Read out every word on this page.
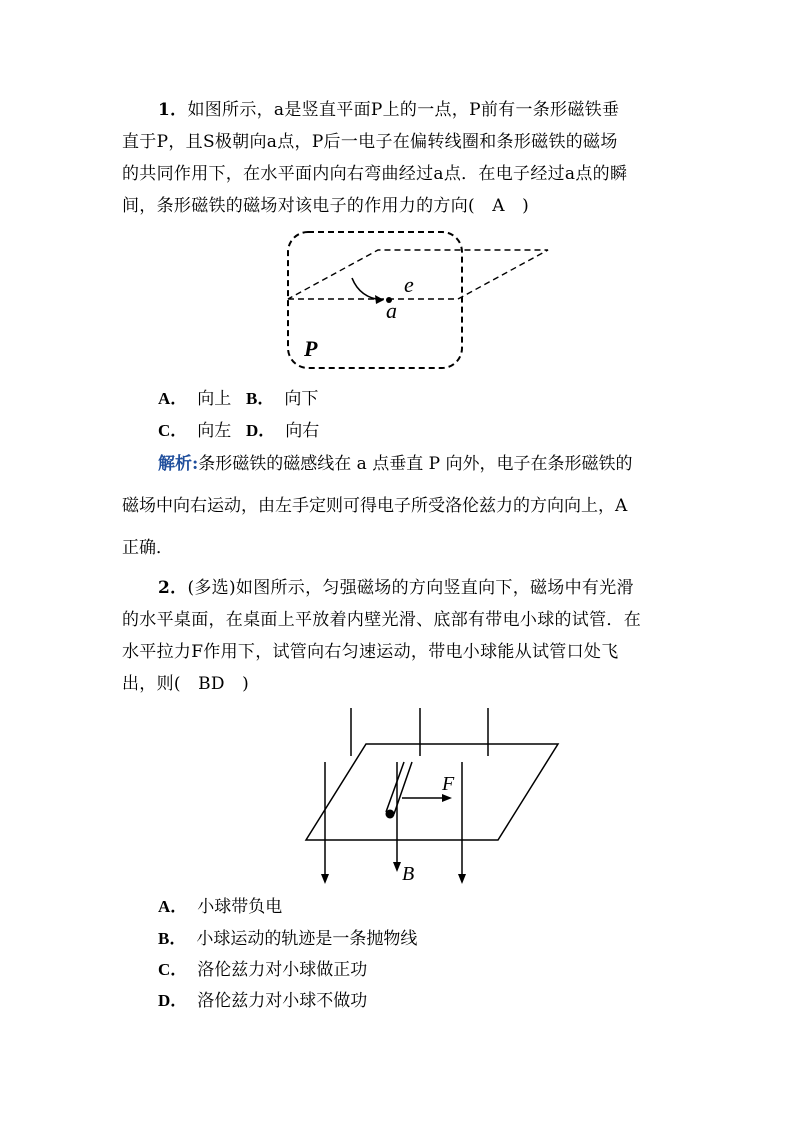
1．如图所示，a是竖直平面P上的一点，P前有一条形磁铁垂
直于P，且S极朝向a点，P后一电子在偏转线圈和条形磁铁的磁场
的共同作用下，在水平面内向右弯曲经过a点．在电子经过a点的瞬
间，条形磁铁的磁场对该电子的作用力的方向(　A　)
e
a
P
A． 向上 B． 向下
C． 向左 D． 向右
解析:条形磁铁的磁感线在 a 点垂直 P 向外，电子在条形磁铁的
磁场中向右运动，由左手定则可得电子所受洛伦兹力的方向向上，A
正确．
2．(多选)如图所示，匀强磁场的方向竖直向下，磁场中有光滑
的水平桌面，在桌面上平放着内壁光滑、底部有带电小球的试管．在
水平拉力F作用下，试管向右匀速运动，带电小球能从试管口处飞
出，则(　BD　)
F
B
A． 小球带负电
B． 小球运动的轨迹是一条抛物线
C． 洛伦兹力对小球做正功
D． 洛伦兹力对小球不做功
